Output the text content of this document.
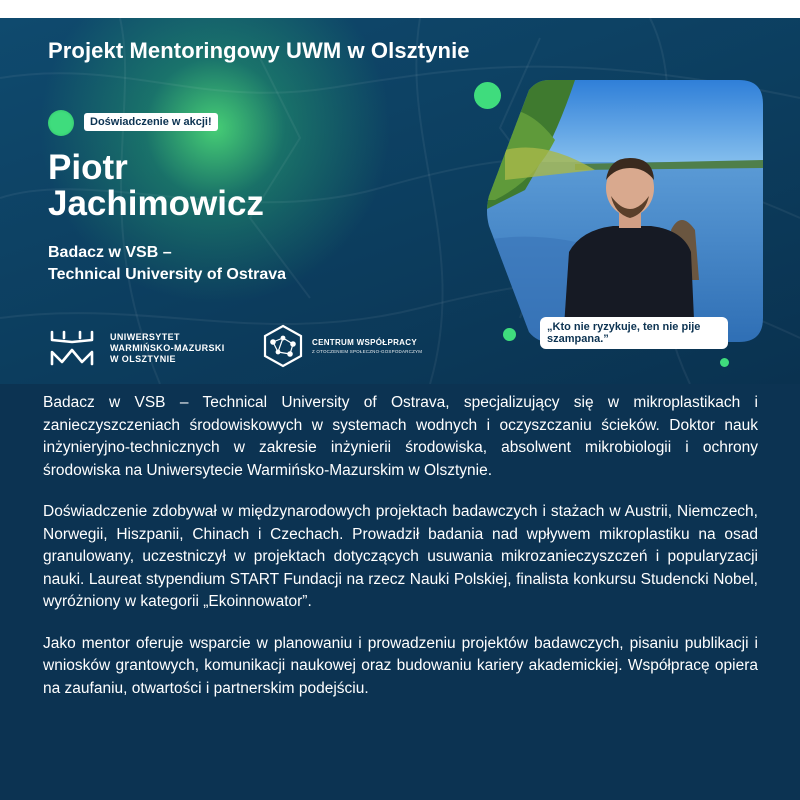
Projekt Mentoringowy UWM w Olsztynie
Doświadczenie w akcji!
Piotr
Jachimowicz

Badacz w VSB –
Technical University of Ostrava

UNIWERSYTET
WARMIŃSKO-MAZURSKI
W OLSZTYNIE
CENTRUM WSPÓŁPRACY
Z OTOCZENIEM SPOŁECZNO-GOSPODARCZYM
„Kto nie ryzykuje, ten nie pije
szampana.”

Badacz w VSB – Technical University of Ostrava, specjalizujący się w mikroplastikach i zanieczyszczeniach środowiskowych w systemach wodnych i oczyszczaniu ścieków. Doktor nauk inżynieryjno-technicznych w zakresie inżynierii środowiska, absolwent mikrobiologii i ochrony środowiska na Uniwersytecie Warmińsko-Mazurskim w Olsztynie.

Doświadczenie zdobywał w międzynarodowych projektach badawczych i stażach w Austrii, Niemczech, Norwegii, Hiszpanii, Chinach i Czechach. Prowadził badania nad wpływem mikroplastiku na osad granulowany, uczestniczył w projektach dotyczących usuwania mikrozanieczyszczeń i popularyzacji nauki. Laureat stypendium START Fundacji na rzecz Nauki Polskiej, finalista konkursu Studencki Nobel, wyróżniony w kategorii „Ekoinnowator”.

Jako mentor oferuje wsparcie w planowaniu i prowadzeniu projektów badawczych, pisaniu publikacji i wniosków grantowych, komunikacji naukowej oraz budowaniu kariery akademickiej. Współpracę opiera na zaufaniu, otwartości i partnerskim podejściu.
